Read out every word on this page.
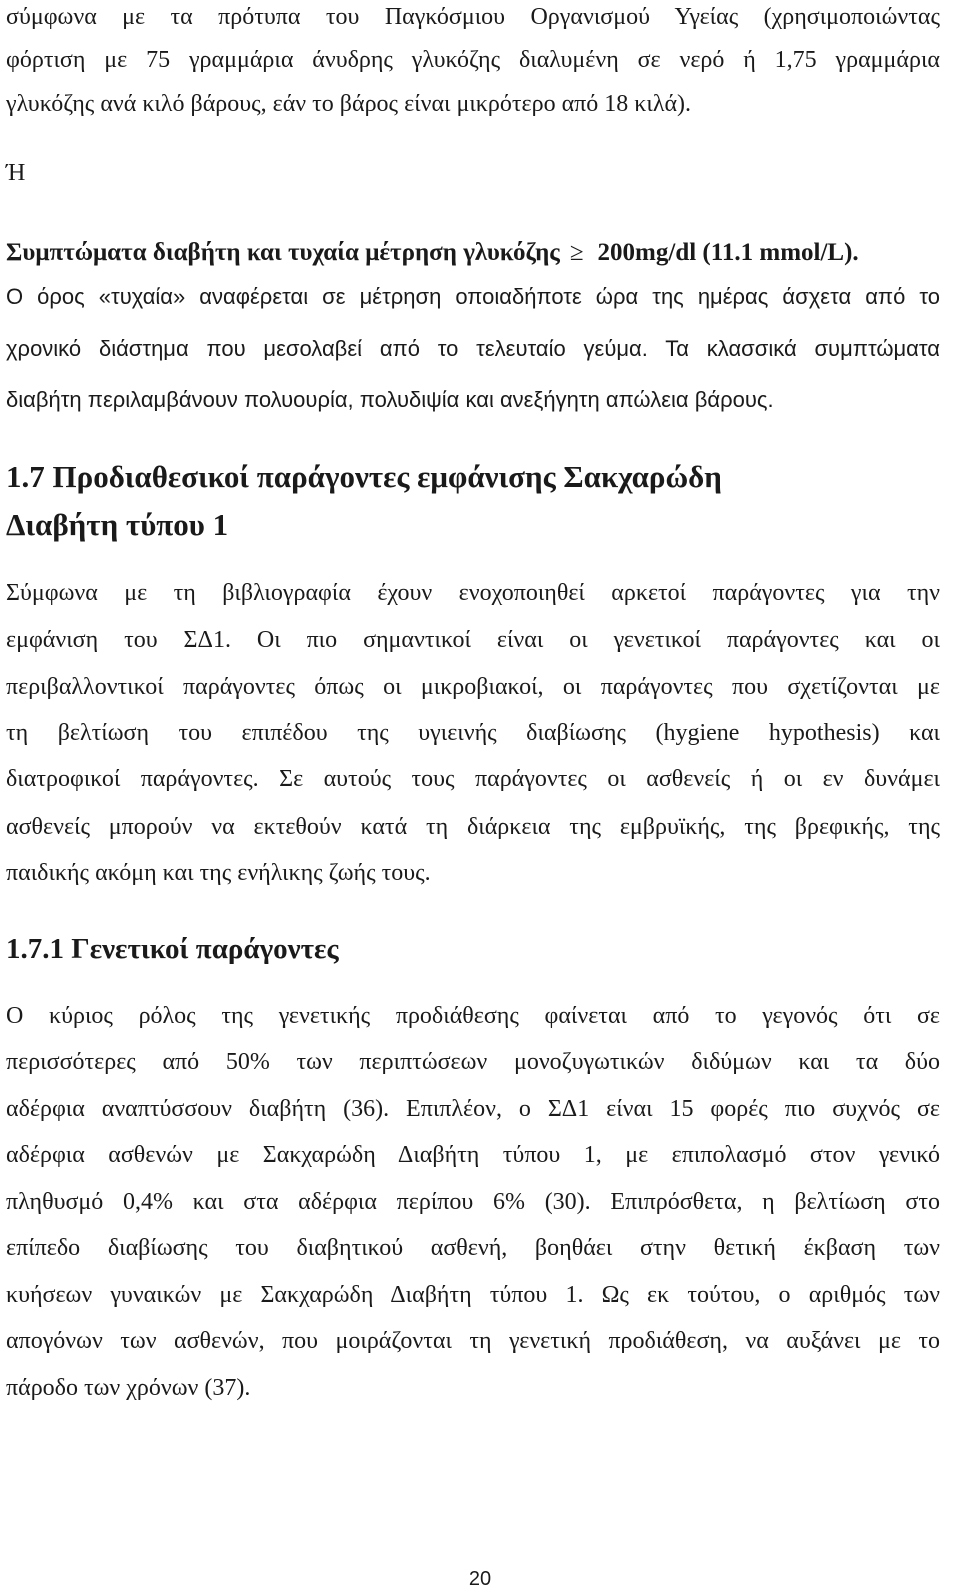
σύμφωνα με τα πρότυπα του Παγκόσμιου Οργανισμού Υγείας (χρησιμοποιώντας
φόρτιση με 75 γραμμάρια άνυδρης γλυκόζης διαλυμένη σε νερό ή 1,75 γραμμάρια
γλυκόζης ανά κιλό βάρους, εάν το βάρος είναι μικρότερο από 18 κιλά).
Ή
Συμπτώματα διαβήτη και τυχαία μέτρηση γλυκόζης ≥ 200mg/dl (11.1 mmol/L).
Ο όρος «τυχαία» αναφέρεται σε μέτρηση οποιαδήποτε ώρα της ημέρας άσχετα από το
χρονικό διάστημα που μεσολαβεί από το τελευταίο γεύμα. Τα κλασσικά συμπτώματα
διαβήτη περιλαμβάνουν πολυουρία, πολυδιψία και ανεξήγητη απώλεια βάρους.
1.7 Προδιαθεσικοί παράγοντες εμφάνισης Σακχαρώδη
Διαβήτη τύπου 1
Σύμφωνα με τη βιβλιογραφία έχουν ενοχοποιηθεί αρκετοί παράγοντες για την
εμφάνιση του ΣΔ1. Οι πιο σημαντικοί είναι οι γενετικοί παράγοντες και οι
περιβαλλοντικοί παράγοντες όπως οι μικροβιακοί, οι παράγοντες που σχετίζονται με
τη βελτίωση του επιπέδου της υγιεινής διαβίωσης (hygiene hypothesis) και
διατροφικοί παράγοντες. Σε αυτούς τους παράγοντες οι ασθενείς ή οι εν δυνάμει
ασθενείς μπορούν να εκτεθούν κατά τη διάρκεια της εμβρυϊκής, της βρεφικής, της
παιδικής ακόμη και της ενήλικης ζωής τους.
1.7.1 Γενετικοί παράγοντες
Ο κύριος ρόλος της γενετικής προδιάθεσης φαίνεται από το γεγονός ότι σε
περισσότερες από 50% των περιπτώσεων μονοζυγωτικών διδύμων και τα δύο
αδέρφια αναπτύσσουν διαβήτη (36). Επιπλέον, ο ΣΔ1 είναι 15 φορές πιο συχνός σε
αδέρφια ασθενών με Σακχαρώδη Διαβήτη τύπου 1, με επιπολασμό στον γενικό
πληθυσμό 0,4% και στα αδέρφια περίπου 6% (30). Επιπρόσθετα, η βελτίωση στο
επίπεδο διαβίωσης του διαβητικού ασθενή, βοηθάει στην θετική έκβαση των
κυήσεων γυναικών με Σακχαρώδη Διαβήτη τύπου 1. Ως εκ τούτου, ο αριθμός των
απογόνων των ασθενών, που μοιράζονται τη γενετική προδιάθεση, να αυξάνει με το
πάροδο των χρόνων (37).
20
